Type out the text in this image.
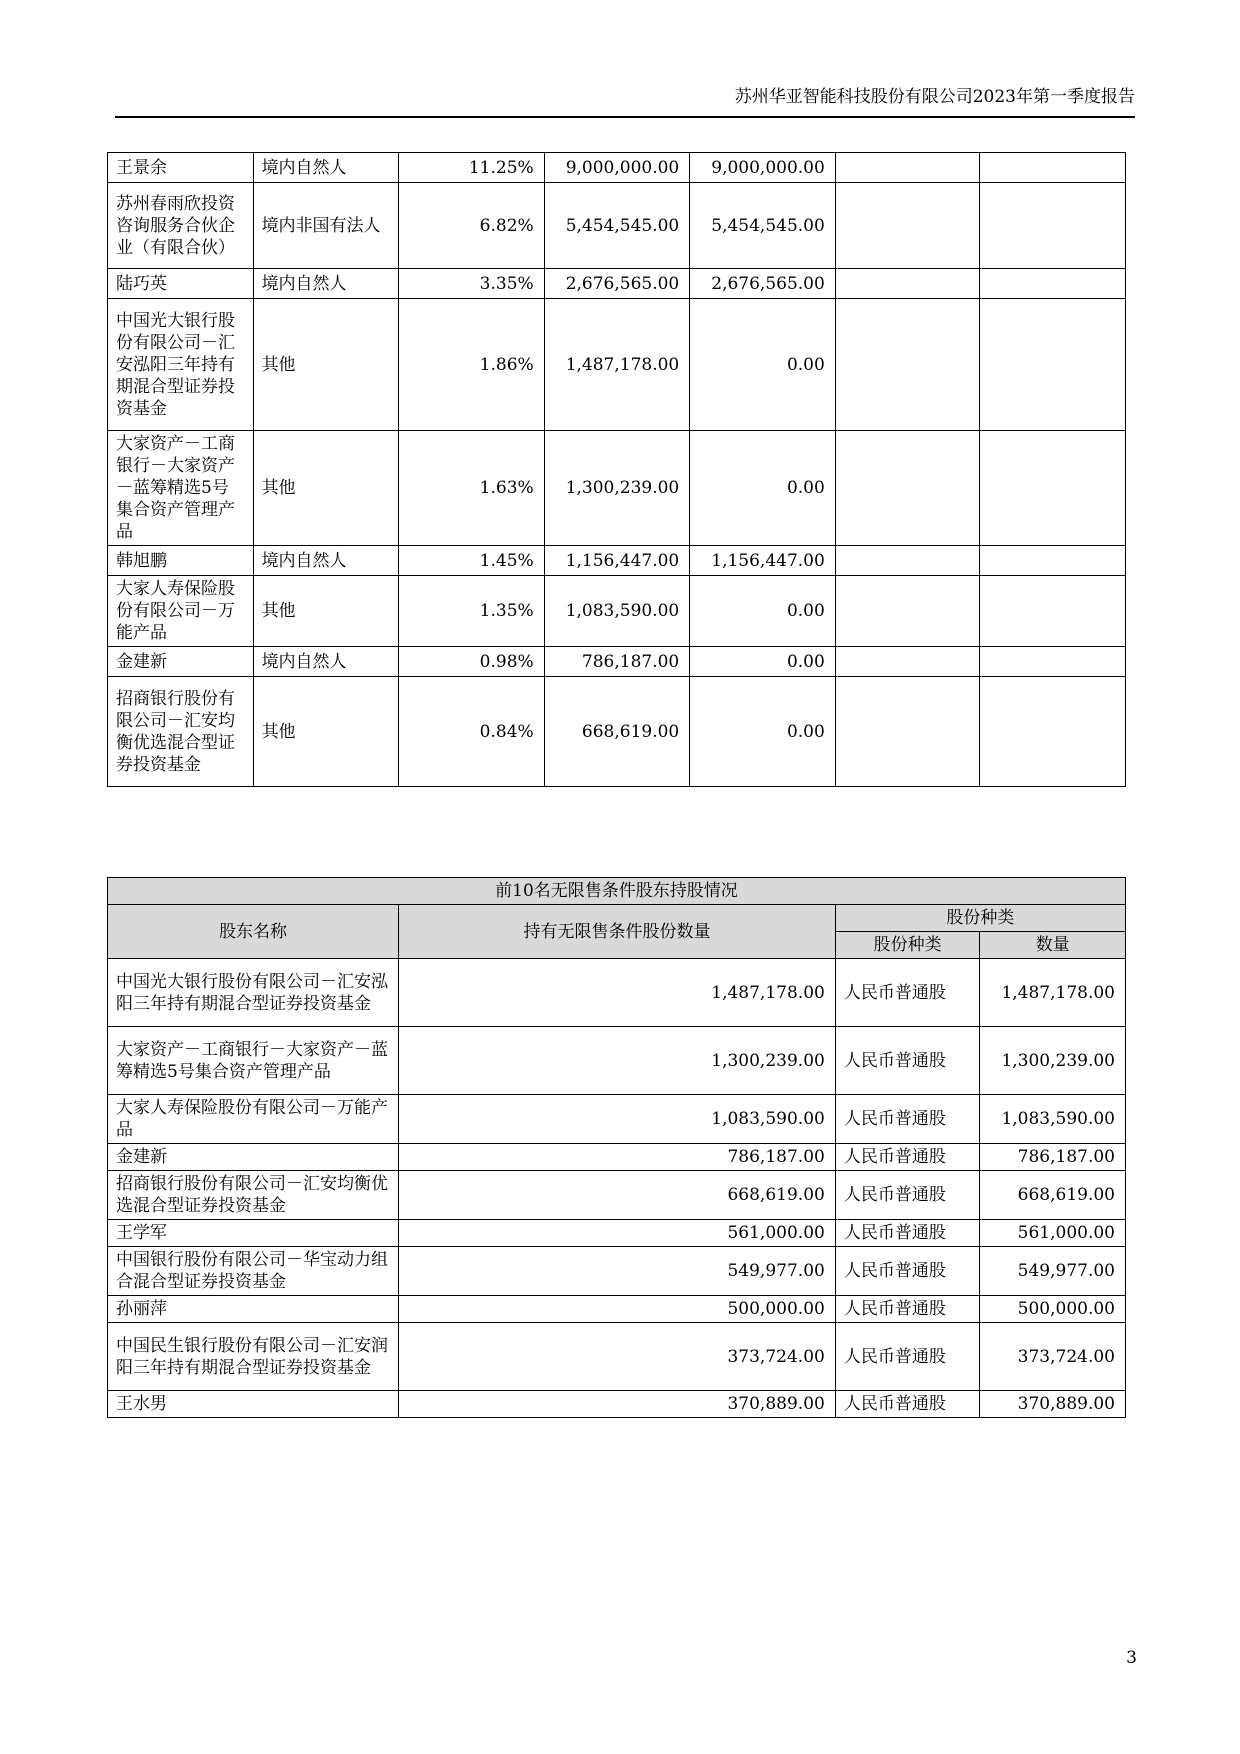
苏州华亚智能科技股份有限公司2023年第一季度报告
王景余	境内自然人	11.25%	9,000,000.00	9,000,000.00		
苏州春雨欣投资咨询服务合伙企业（有限合伙）	境内非国有法人	6.82%	5,454,545.00	5,454,545.00		
陆巧英	境内自然人	3.35%	2,676,565.00	2,676,565.00		
中国光大银行股份有限公司－汇安泓阳三年持有期混合型证券投资基金	其他	1.86%	1,487,178.00	0.00		
大家资产－工商银行－大家资产－蓝筹精选5号集合资产管理产品	其他	1.63%	1,300,239.00	0.00		
韩旭鹏	境内自然人	1.45%	1,156,447.00	1,156,447.00		
大家人寿保险股份有限公司－万能产品	其他	1.35%	1,083,590.00	0.00		
金建新	境内自然人	0.98%	786,187.00	0.00		
招商银行股份有限公司－汇安均衡优选混合型证券投资基金	其他	0.84%	668,619.00	0.00		
前10名无限售条件股东持股情况			
股东名称	持有无限售条件股份数量	股份种类	
		股份种类	数量
中国光大银行股份有限公司－汇安泓阳三年持有期混合型证券投资基金	1,487,178.00	人民币普通股	1,487,178.00
大家资产－工商银行－大家资产－蓝筹精选5号集合资产管理产品	1,300,239.00	人民币普通股	1,300,239.00
大家人寿保险股份有限公司－万能产品	1,083,590.00	人民币普通股	1,083,590.00
金建新	786,187.00	人民币普通股	786,187.00
招商银行股份有限公司－汇安均衡优选混合型证券投资基金	668,619.00	人民币普通股	668,619.00
王学军	561,000.00	人民币普通股	561,000.00
中国银行股份有限公司－华宝动力组合混合型证券投资基金	549,977.00	人民币普通股	549,977.00
孙丽萍	500,000.00	人民币普通股	500,000.00
中国民生银行股份有限公司－汇安润阳三年持有期混合型证券投资基金	373,724.00	人民币普通股	373,724.00
王水男	370,889.00	人民币普通股	370,889.00
3
